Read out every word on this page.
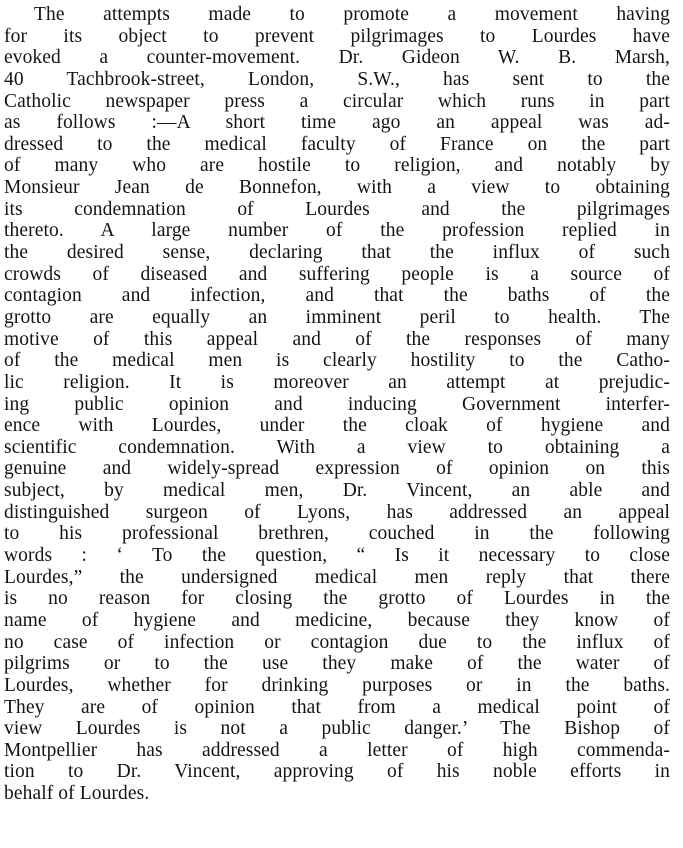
The attempts made to promote a movement having
for its object to prevent pilgrimages to Lourdes have
evoked a counter-movement. Dr. Gideon W. B. Marsh,
40 Tachbrook-street, London, S.W., has sent to the
Catholic newspaper press a circular which runs in part
as follows :—A short time ago an appeal was ad-
dressed to the medical faculty of France on the part
of many who are hostile to religion, and notably by
Monsieur Jean de Bonnefon, with a view to obtaining
its condemnation of Lourdes and the pilgrimages
thereto. A large number of the profession replied in
the desired sense, declaring that the influx of such
crowds of diseased and suffering people is a source of
contagion and infection, and that the baths of the
grotto are equally an imminent peril to health. The
motive of this appeal and of the responses of many
of the medical men is clearly hostility to the Catho-
lic religion. It is moreover an attempt at prejudic-
ing public opinion and inducing Government interfer-
ence with Lourdes, under the cloak of hygiene and
scientific condemnation. With a view to obtaining a
genuine and widely-spread expression of opinion on this
subject, by medical men, Dr. Vincent, an able and
distinguished surgeon of Lyons, has addressed an appeal
to his professional brethren, couched in the following
words : ‘ To the question, “ Is it necessary to close
Lourdes,” the undersigned medical men reply that there
is no reason for closing the grotto of Lourdes in the
name of hygiene and medicine, because they know of
no case of infection or contagion due to the influx of
pilgrims or to the use they make of the water of
Lourdes, whether for drinking purposes or in the baths.
They are of opinion that from a medical point of
view Lourdes is not a public danger.’ The Bishop of
Montpellier has addressed a letter of high commenda-
tion to Dr. Vincent, approving of his noble efforts in
behalf of Lourdes.
